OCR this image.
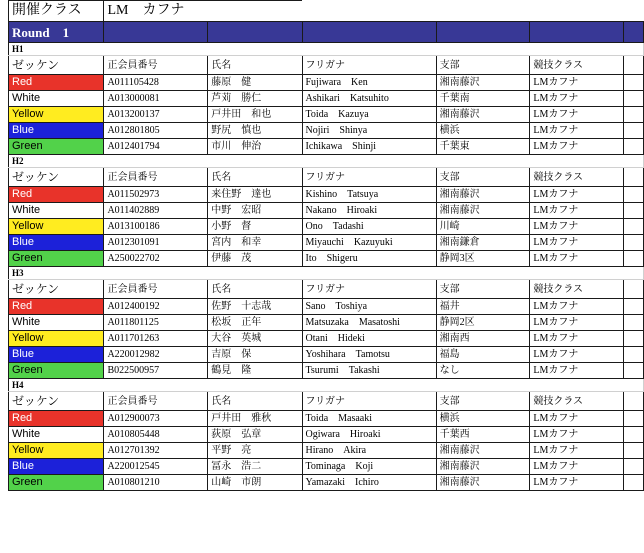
開催クラス	LM　カフナ					
Round　1						
H1						
ゼッケン	正会員番号	氏名	フリガナ	支部	競技クラス	
Red	A011105428	藤原　健	Fujiwara　Ken	湘南藤沢	LMカフナ	
White	A013000081	芦苅　勝仁	Ashikari　Katsuhito	千葉南	LMカフナ	
Yellow	A013200137	戸井田　和也	Toida　Kazuya	湘南藤沢	LMカフナ	
Blue	A012801805	野尻　慎也	Nojiri　Shinya	横浜	LMカフナ	
Green	A012401794	市川　伸治	Ichikawa　Shinji	千葉東	LMカフナ	
H2						
ゼッケン	正会員番号	氏名	フリガナ	支部	競技クラス	
Red	A011502973	来住野　達也	Kishino　Tatsuya	湘南藤沢	LMカフナ	
White	A011402889	中野　宏昭	Nakano　Hiroaki	湘南藤沢	LMカフナ	
Yellow	A013100186	小野　督	Ono　Tadashi	川崎	LMカフナ	
Blue	A012301091	宮内　和幸	Miyauchi　Kazuyuki	湘南鎌倉	LMカフナ	
Green	A250022702	伊藤　茂	Ito　Shigeru	静岡3区	LMカフナ	
H3						
ゼッケン	正会員番号	氏名	フリガナ	支部	競技クラス	
Red	A012400192	佐野　十志哉	Sano　Toshiya	福井	LMカフナ	
White	A011801125	松坂　正年	Matsuzaka　Masatoshi	静岡2区	LMカフナ	
Yellow	A011701263	大谷　英城	Otani　Hideki	湘南西	LMカフナ	
Blue	A220012982	吉原　保	Yoshihara　Tamotsu	福島	LMカフナ	
Green	B022500957	鶴見　隆	Tsurumi　Takashi	なし	LMカフナ	
H4						
ゼッケン	正会員番号	氏名	フリガナ	支部	競技クラス	
Red	A012900073	戸井田　雅秋	Toida　Masaaki	横浜	LMカフナ	
White	A010805448	荻原　弘章	Ogiwara　Hiroaki	千葉西	LMカフナ	
Yellow	A012701392	平野　亮	Hirano　Akira	湘南藤沢	LMカフナ	
Blue	A220012545	冨永　浩二	Tominaga　Koji	湘南藤沢	LMカフナ	
Green	A010801210	山崎　市朗	Yamazaki　Ichiro	湘南藤沢	LMカフナ	
